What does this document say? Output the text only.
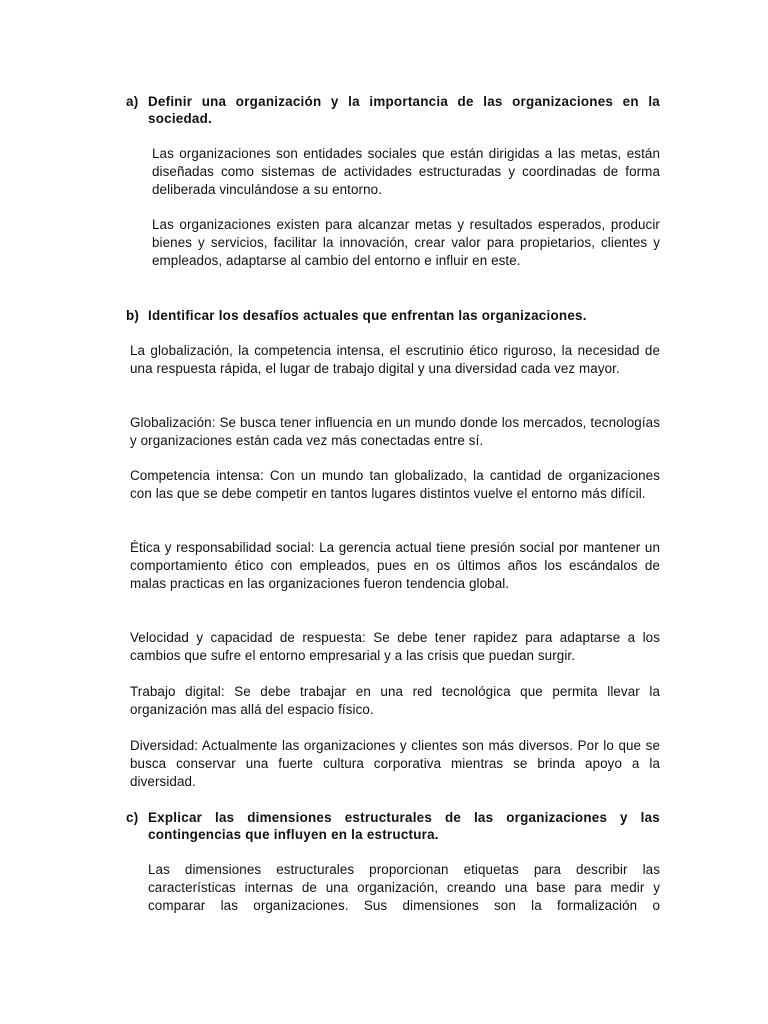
a) Definir una organización y la importancia de las organizaciones en la sociedad.

Las organizaciones son entidades sociales que están dirigidas a las metas, están diseñadas como sistemas de actividades estructuradas y coordinadas de forma deliberada vinculándose a su entorno.

Las organizaciones existen para alcanzar metas y resultados esperados, producir bienes y servicios, facilitar la innovación, crear valor para propietarios, clientes y empleados, adaptarse al cambio del entorno e influir en este.

b) Identificar los desafíos actuales que enfrentan las organizaciones.

La globalización, la competencia intensa, el escrutinio ético riguroso, la necesidad de una respuesta rápida, el lugar de trabajo digital y una diversidad cada vez mayor.

Globalización: Se busca tener influencia en un mundo donde los mercados, tecnologías y organizaciones están cada vez más conectadas entre sí.

Competencia intensa: Con un mundo tan globalizado, la cantidad de organizaciones con las que se debe competir en tantos lugares distintos vuelve el entorno más difícil.

Ética y responsabilidad social: La gerencia actual tiene presión social por mantener un comportamiento ético con empleados, pues en os últimos años los escándalos de malas practicas en las organizaciones fueron tendencia global.

Velocidad y capacidad de respuesta: Se debe tener rapidez para adaptarse a los cambios que sufre el entorno empresarial y a las crisis que puedan surgir.

Trabajo digital: Se debe trabajar en una red tecnológica que permita llevar la organización mas allá del espacio físico.

Diversidad: Actualmente las organizaciones y clientes son más diversos. Por lo que se busca conservar una fuerte cultura corporativa mientras se brinda apoyo a la diversidad.

c) Explicar las dimensiones estructurales de las organizaciones y las contingencias que influyen en la estructura.

Las dimensiones estructurales proporcionan etiquetas para describir las características internas de una organización, creando una base para medir y comparar las organizaciones. Sus dimensiones son la formalización o
